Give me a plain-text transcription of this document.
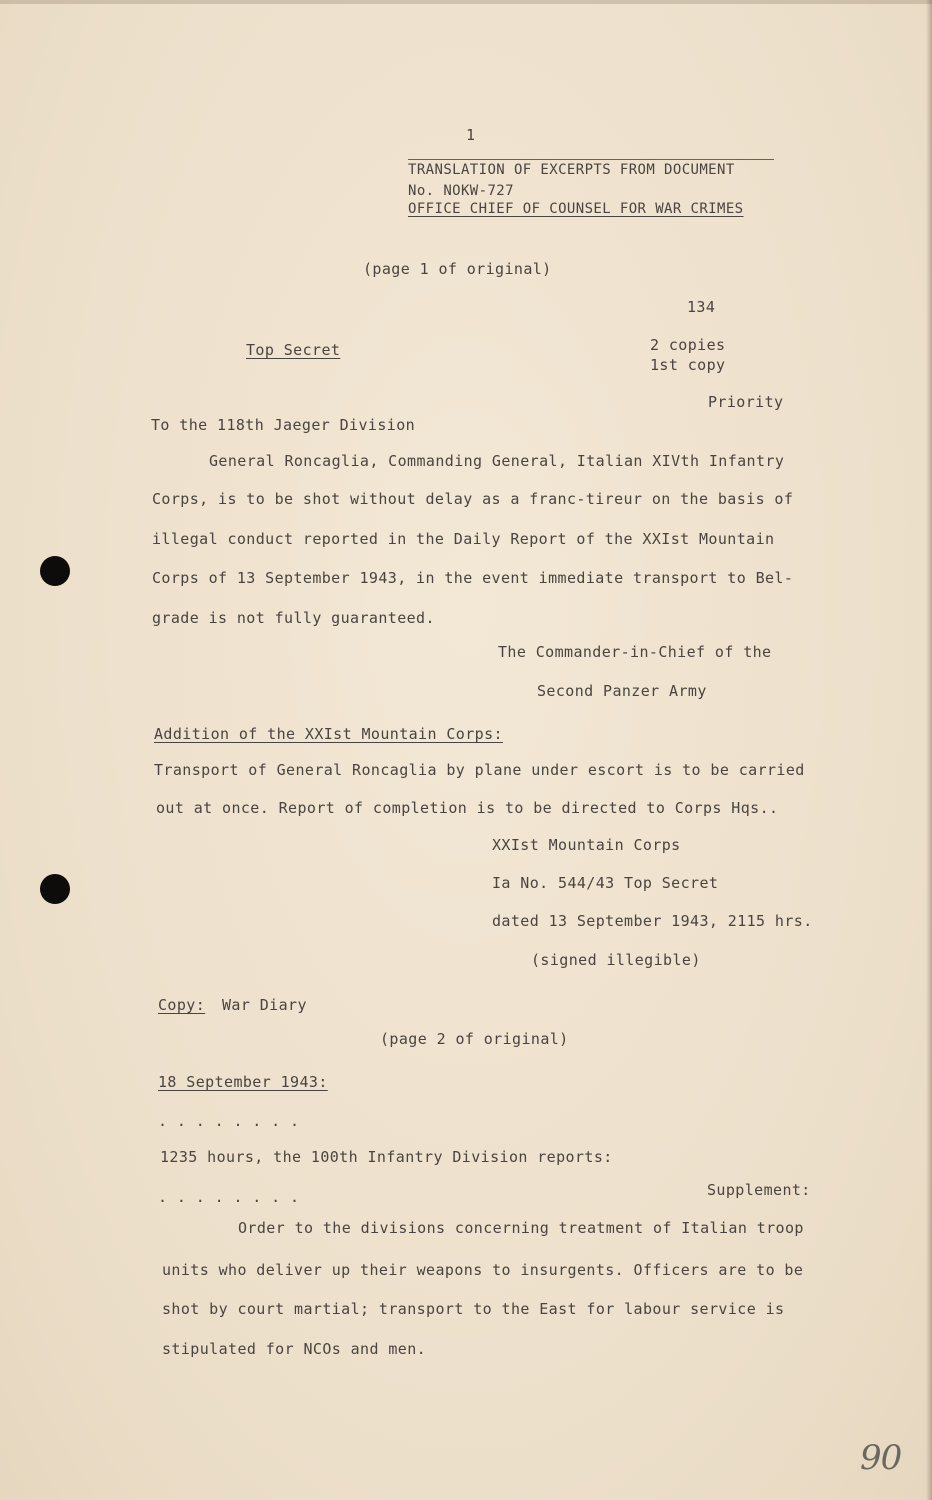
1
TRANSLATION OF EXCERPTS FROM DOCUMENT
No. NOKW-727
OFFICE CHIEF OF COUNSEL FOR WAR CRIMES
(page 1 of original)
134
Top Secret	2 copies
1st copy
Priority
To the 118th Jaeger Division
General Roncaglia, Commanding General, Italian XIVth Infantry
Corps, is to be shot without delay as a franc-tireur on the basis of
illegal conduct reported in the Daily Report of the XXIst Mountain
Corps of 13 September 1943, in the event immediate transport to Bel-
grade is not fully guaranteed.
The Commander-in-Chief of the
Second Panzer Army
Addition of the XXIst Mountain Corps:
Transport of General Roncaglia by plane under escort is to be carried
out at once. Report of completion is to be directed to Corps Hqs..
XXIst Mountain Corps
Ia No. 544/43 Top Secret
dated 13 September 1943, 2115 hrs.
(signed illegible)
Copy: War Diary
(page 2 of original)
18 September 1943:
. . . . . . . .
1235 hours, the 100th Infantry Division reports:
. . . . . . . .	Supplement:
Order to the divisions concerning treatment of Italian troop
units who deliver up their weapons to insurgents. Officers are to be
shot by court martial; transport to the East for labour service is
stipulated for NCOs and men.
90
